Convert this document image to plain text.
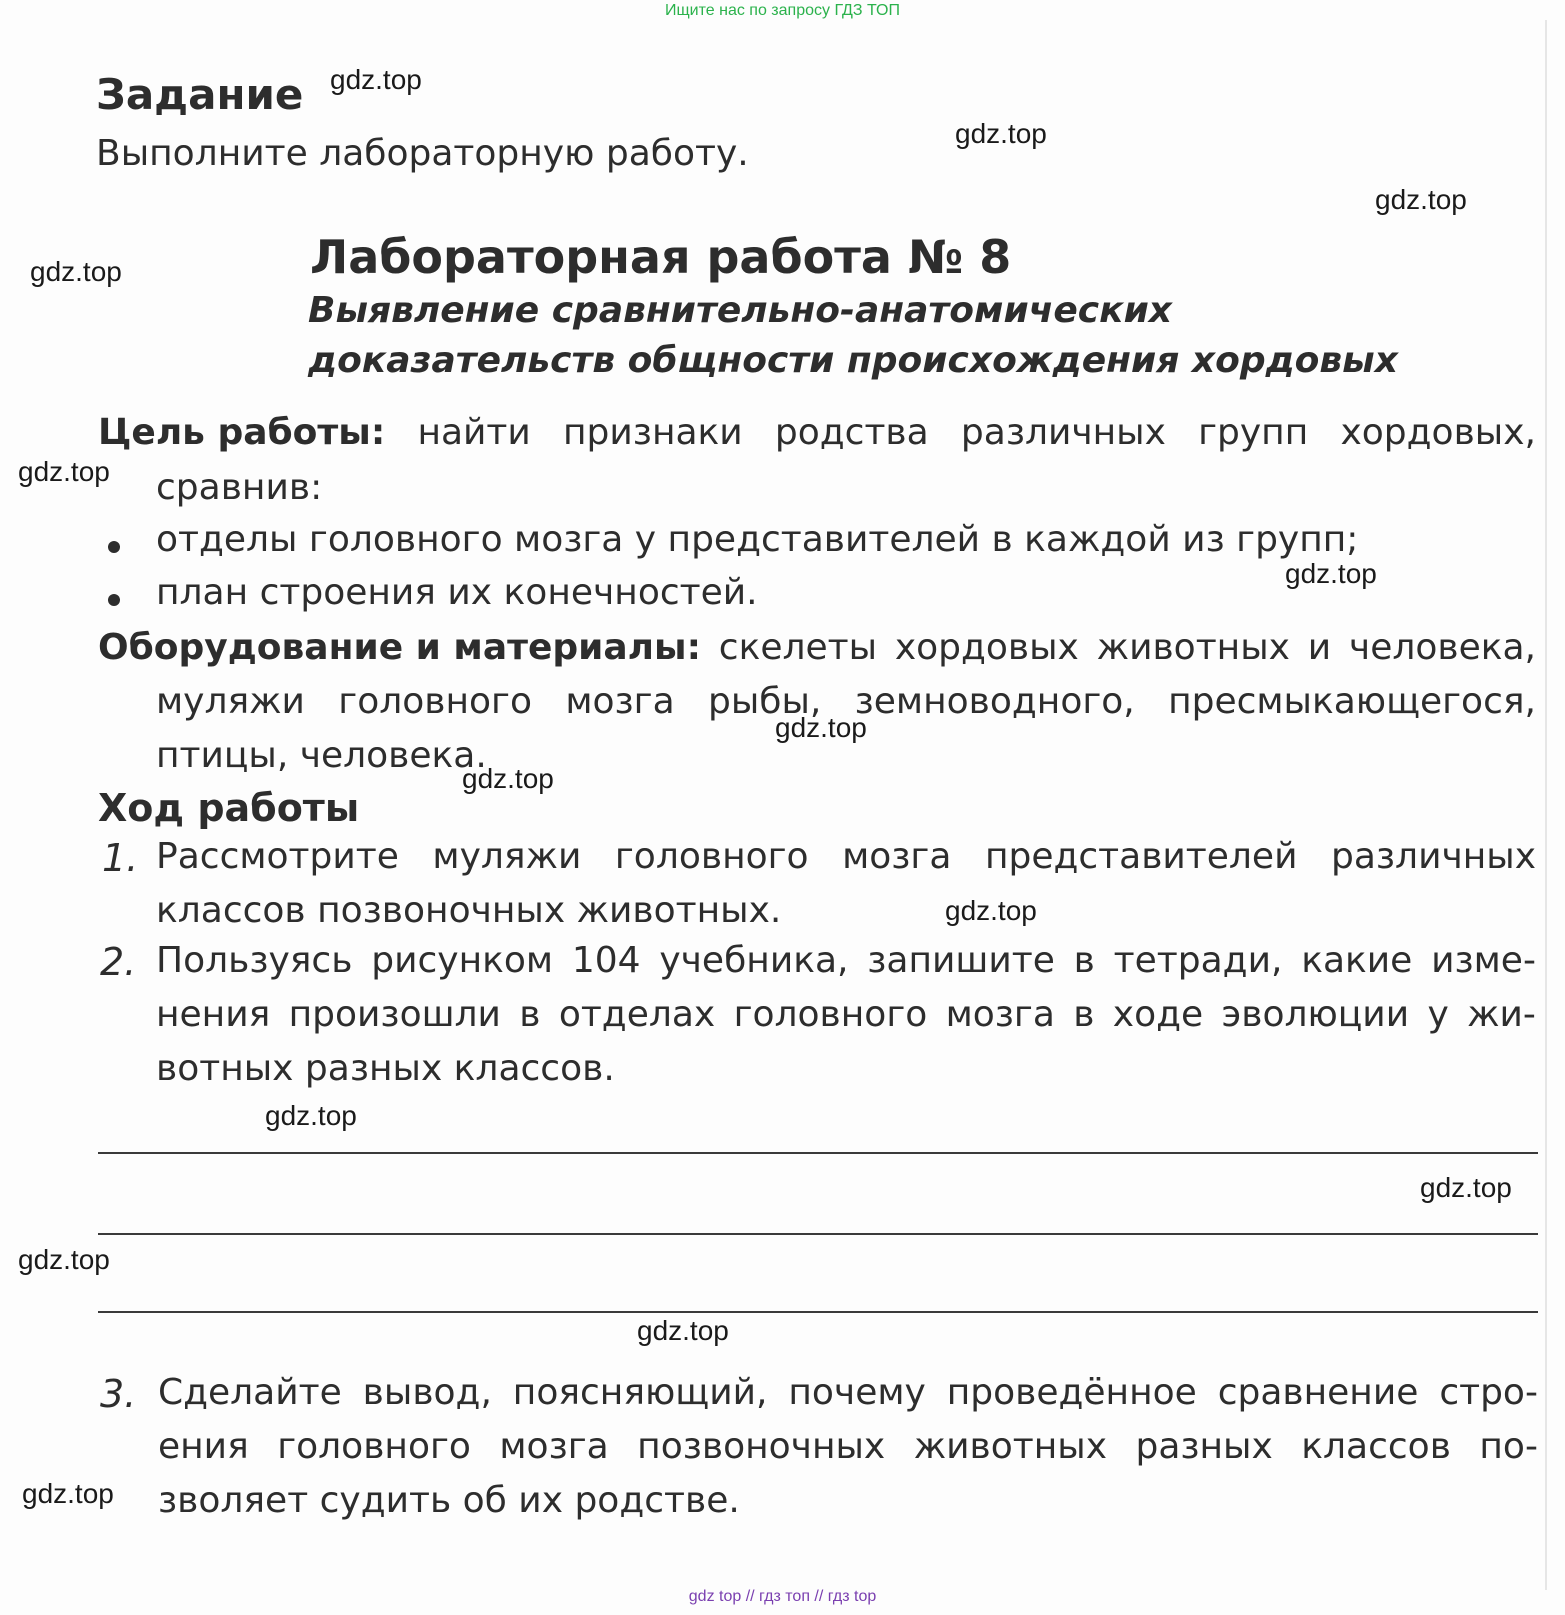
Ищите нас по запросу ГДЗ ТОП
Задание
Выполните лабораторную работу.
Лабораторная работа № 8
Выявление сравнительно-анатомических
доказательств общности происхождения хордовых
Цель работы: найти признаки родства различных групп хордовых,
сравнив:
отделы головного мозга у представителей в каждой из групп;
план строения их конечностей.
Оборудование и материалы: скелеты хордовых животных и человека,
муляжи головного мозга рыбы, земноводного, пресмыкающегося,
птицы, человека.
Ход работы
1. Рассмотрите муляжи головного мозга представителей различных
классов позвоночных животных.
2. Пользуясь рисунком 104 учебника, запишите в тетради, какие изме-
нения произошли в отделах головного мозга в ходе эволюции у жи-
вотных разных классов.
3. Сделайте вывод, поясняющий, почему проведённое сравнение стро-
ения головного мозга позвоночных животных разных классов по-
зволяет судить об их родстве.
gdz.top
gdz.top
gdz.top
gdz.top
gdz.top
gdz.top
gdz.top
gdz.top
gdz.top
gdz.top
gdz.top
gdz.top
gdz.top
gdz.top
gdz top // гдз топ // гдз top
